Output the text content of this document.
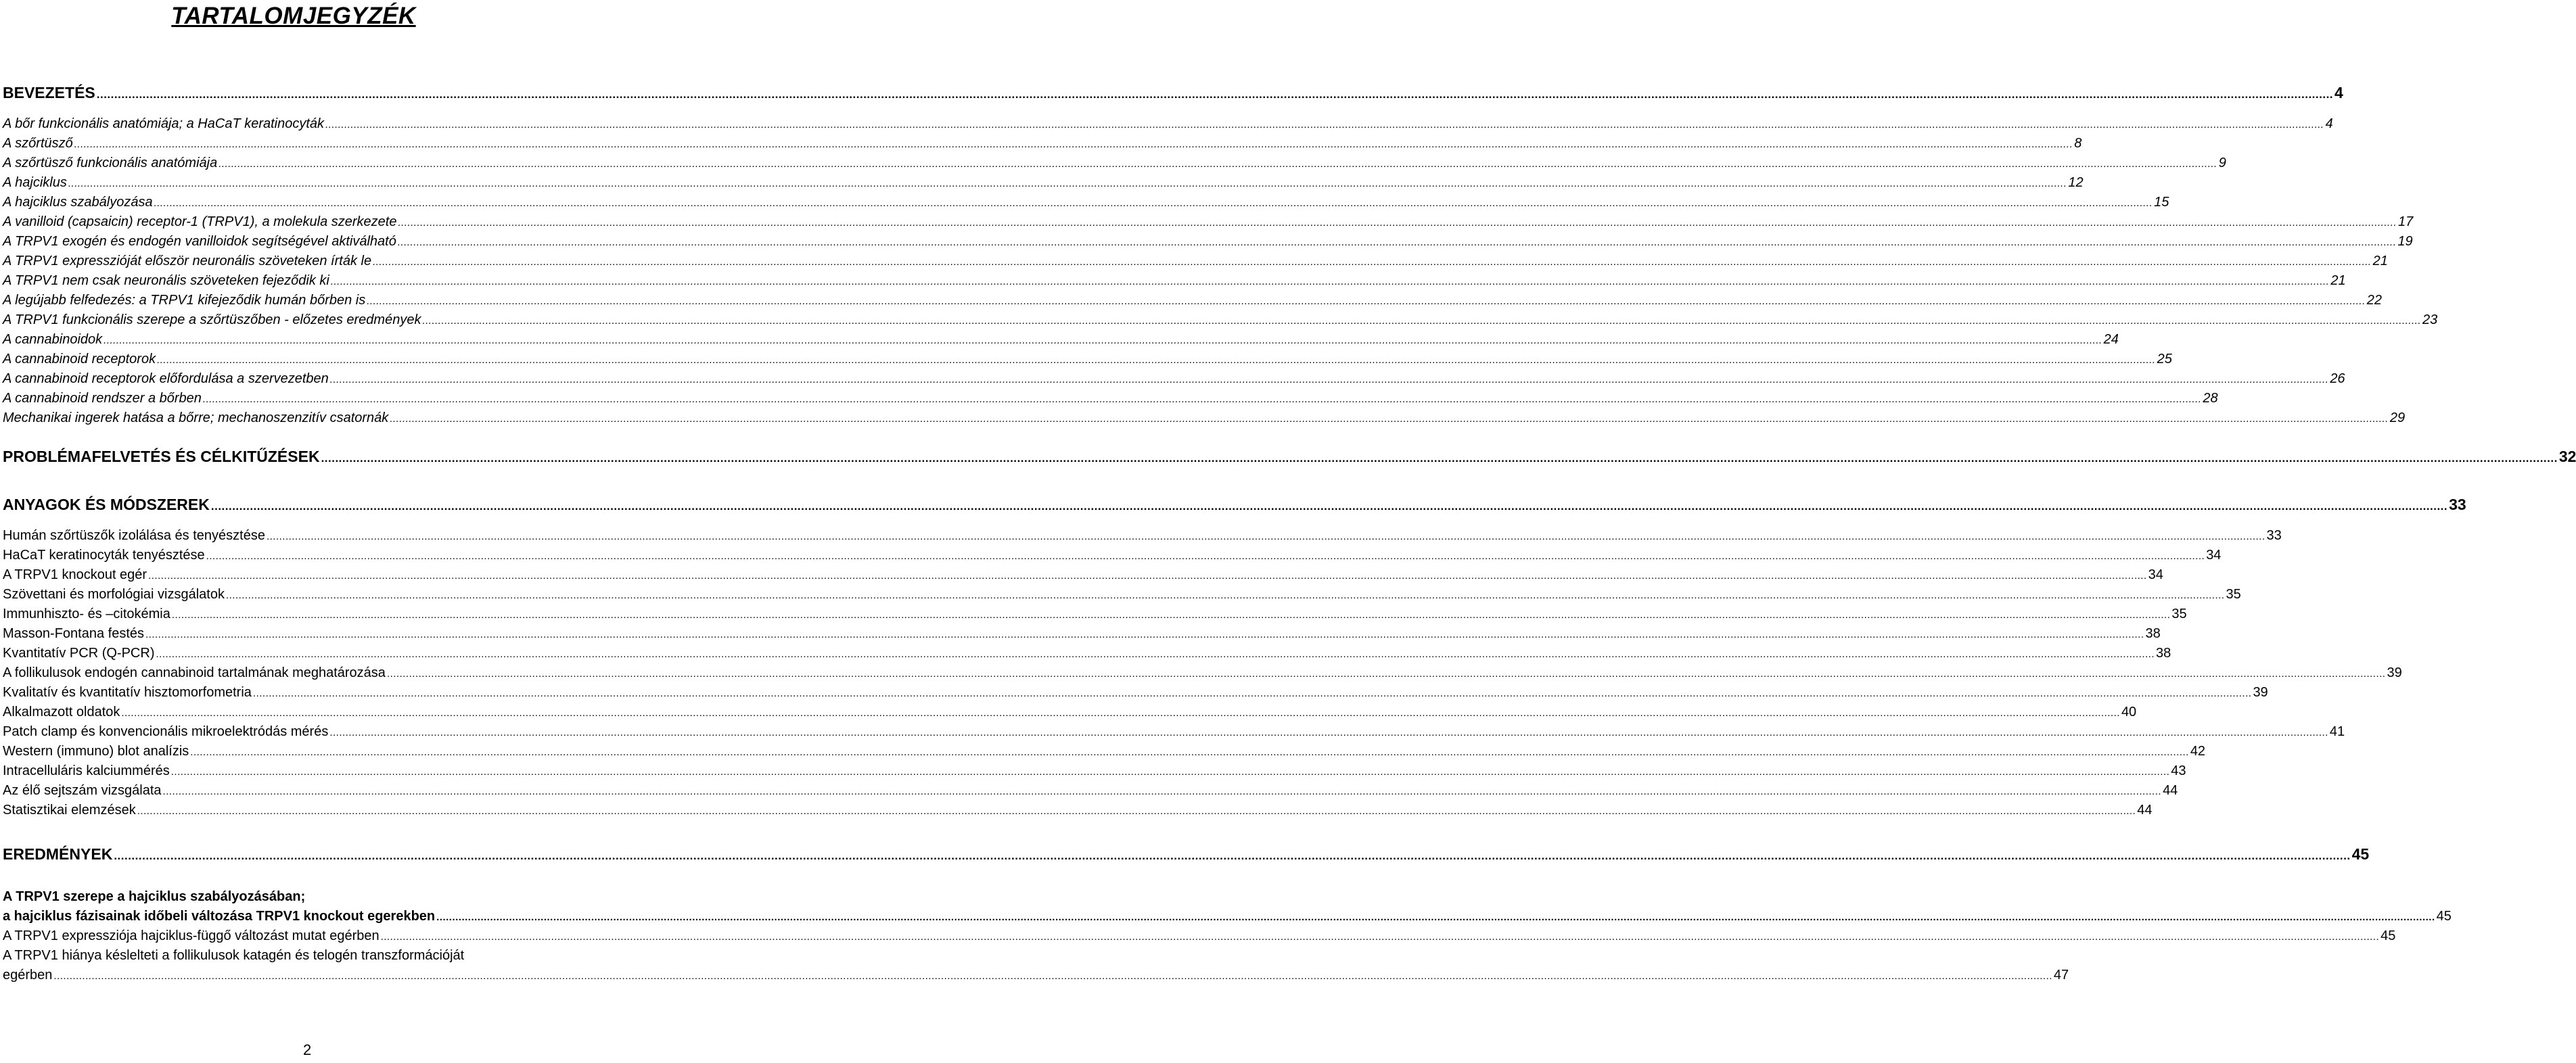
TARTALOMJEGYZÉK
BEVEZETÉS .....	4
A bőr funkcionális anatómiája; a HaCaT keratinocyták .....	4
A szőrtüsző .....	8
A szőrtüsző funkcionális anatómiája .....	9
A hajciklus .....	12
A hajciklus szabályozása .....	15
A vanilloid (capsaicin) receptor-1 (TRPV1), a molekula szerkezete .....	17
A TRPV1 exogén és endogén vanilloidok segítségével aktiválható .....	19
A TRPV1 expresszióját először neuronális szöveteken írták le .....	21
A TRPV1 nem csak neuronális szöveteken fejeződik ki .....	21
A legújabb felfedezés: a TRPV1 kifejeződik humán bőrben is .....	22
A TRPV1 funkcionális szerepe a szőrtüszőben - előzetes eredmények .....	23
A cannabinoidok .....	24
A cannabinoid receptorok .....	25
A cannabinoid receptorok előfordulása a szervezetben .....	26
A cannabinoid rendszer a bőrben .....	28
Mechanikai ingerek hatása a bőrre; mechanoszenzitív csatornák .....	29
PROBLÉMAFELVETÉS ÉS CÉLKITŰZÉSEK .....	32
ANYAGOK ÉS MÓDSZEREK .....	33
Humán szőrtüszők izolálása és tenyésztése .....	33
HaCaT keratinocyták tenyésztése .....	34
A TRPV1 knockout egér .....	34
Szövettani és morfológiai vizsgálatok .....	35
Immunhiszto- és –citokémia .....	35
Masson-Fontana festés .....	38
Kvantitatív PCR (Q-PCR) .....	38
A follikulusok endogén cannabinoid tartalmának meghatározása .....	39
Kvalitatív és kvantitatív hisztomorfometria .....	39
Alkalmazott oldatok .....	40
Patch clamp és konvencionális mikroelektródás mérés .....	41
Western (immuno) blot analízis .....	42
Intracelluláris kalciummérés .....	43
Az élő sejtszám vizsgálata .....	44
Statisztikai elemzések .....	44
EREDMÉNYEK .....	45
A TRPV1 szerepe a hajciklus szabályozásában;
a hajciklus fázisainak időbeli változása TRPV1 knockout egerekben .....	45
A TRPV1 expressziója hajciklus-függő változást mutat egérben .....	45
A TRPV1 hiánya késlelteti a follikulusok katagén és telogén transzformációját
egérben .....	47
2
